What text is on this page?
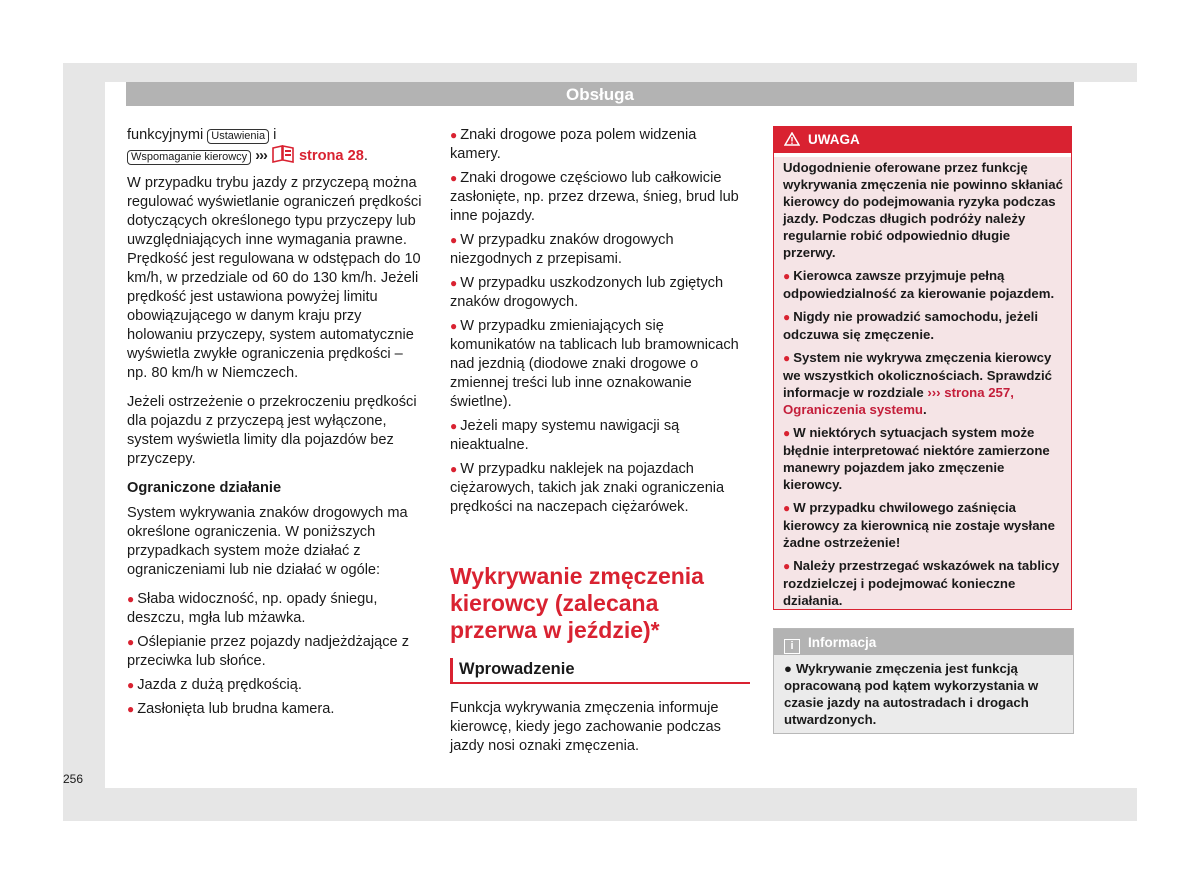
Obsługa

funkcyjnymi Ustawienia i
Wspomaganie kierowcy ››› strona 28.

W przypadku trybu jazdy z przyczepą można regulować wyświetlanie ograniczeń prędkości dotyczących określonego typu przyczepy lub uwzględniających inne wymagania prawne. Prędkość jest regulowana w odstępach do 10 km/h, w przedziale od 60 do 130 km/h. Jeżeli prędkość jest ustawiona powyżej limitu obowiązującego w danym kraju przy holowaniu przyczepy, system automatycznie wyświetla zwykłe ograniczenia prędkości – np. 80 km/h w Niemczech.

Jeżeli ostrzeżenie o przekroczeniu prędkości dla pojazdu z przyczepą jest wyłączone, system wyświetla limity dla pojazdów bez przyczepy.

Ograniczone działanie

System wykrywania znaków drogowych ma określone ograniczenia. W poniższych przypadkach system może działać z ograniczeniami lub nie działać w ogóle:

● Słaba widoczność, np. opady śniegu, deszczu, mgła lub mżawka.

● Oślepianie przez pojazdy nadjeżdżające z przeciwka lub słońce.

● Jazda z dużą prędkością.

● Zasłonięta lub brudna kamera.

● Znaki drogowe poza polem widzenia kamery.

● Znaki drogowe częściowo lub całkowicie zasłonięte, np. przez drzewa, śnieg, brud lub inne pojazdy.

● W przypadku znaków drogowych niezgodnych z przepisami.

● W przypadku uszkodzonych lub zgiętych znaków drogowych.

● W przypadku zmieniających się komunikatów na tablicach lub bramownicach nad jezdnią (diodowe znaki drogowe o zmiennej treści lub inne oznakowanie świetlne).

● Jeżeli mapy systemu nawigacji są nieaktualne.

● W przypadku naklejek na pojazdach ciężarowych, takich jak znaki ograniczenia prędkości na naczepach ciężarówek.

Wykrywanie zmęczenia kierowcy (zalecana przerwa w jeździe)*
Wprowadzenie

Funkcja wykrywania zmęczenia informuje kierowcę, kiedy jego zachowanie podczas jazdy nosi oznaki zmęczenia.

UWAGA

Udogodnienie oferowane przez funkcję wykrywania zmęczenia nie powinno skłaniać kierowcy do podejmowania ryzyka podczas jazdy. Podczas długich podróży należy regularnie robić odpowiednio długie przerwy.

● Kierowca zawsze przyjmuje pełną odpowiedzialność za kierowanie pojazdem.

● Nigdy nie prowadzić samochodu, jeżeli odczuwa się zmęczenie.

● System nie wykrywa zmęczenia kierowcy we wszystkich okolicznościach. Sprawdzić informacje w rozdziale ››› strona 257, Ograniczenia systemu.

● W niektórych sytuacjach system może błędnie interpretować niektóre zamierzone manewry pojazdem jako zmęczenie kierowcy.

● W przypadku chwilowego zaśnięcia kierowcy za kierownicą nie zostaje wysłane żadne ostrzeżenie!

● Należy przestrzegać wskazówek na tablicy rozdzielczej i podejmować konieczne działania.

i Informacja

● Wykrywanie zmęczenia jest funkcją opracowaną pod kątem wykorzystania w czasie jazdy na autostradach i drogach utwardzonych.

256
